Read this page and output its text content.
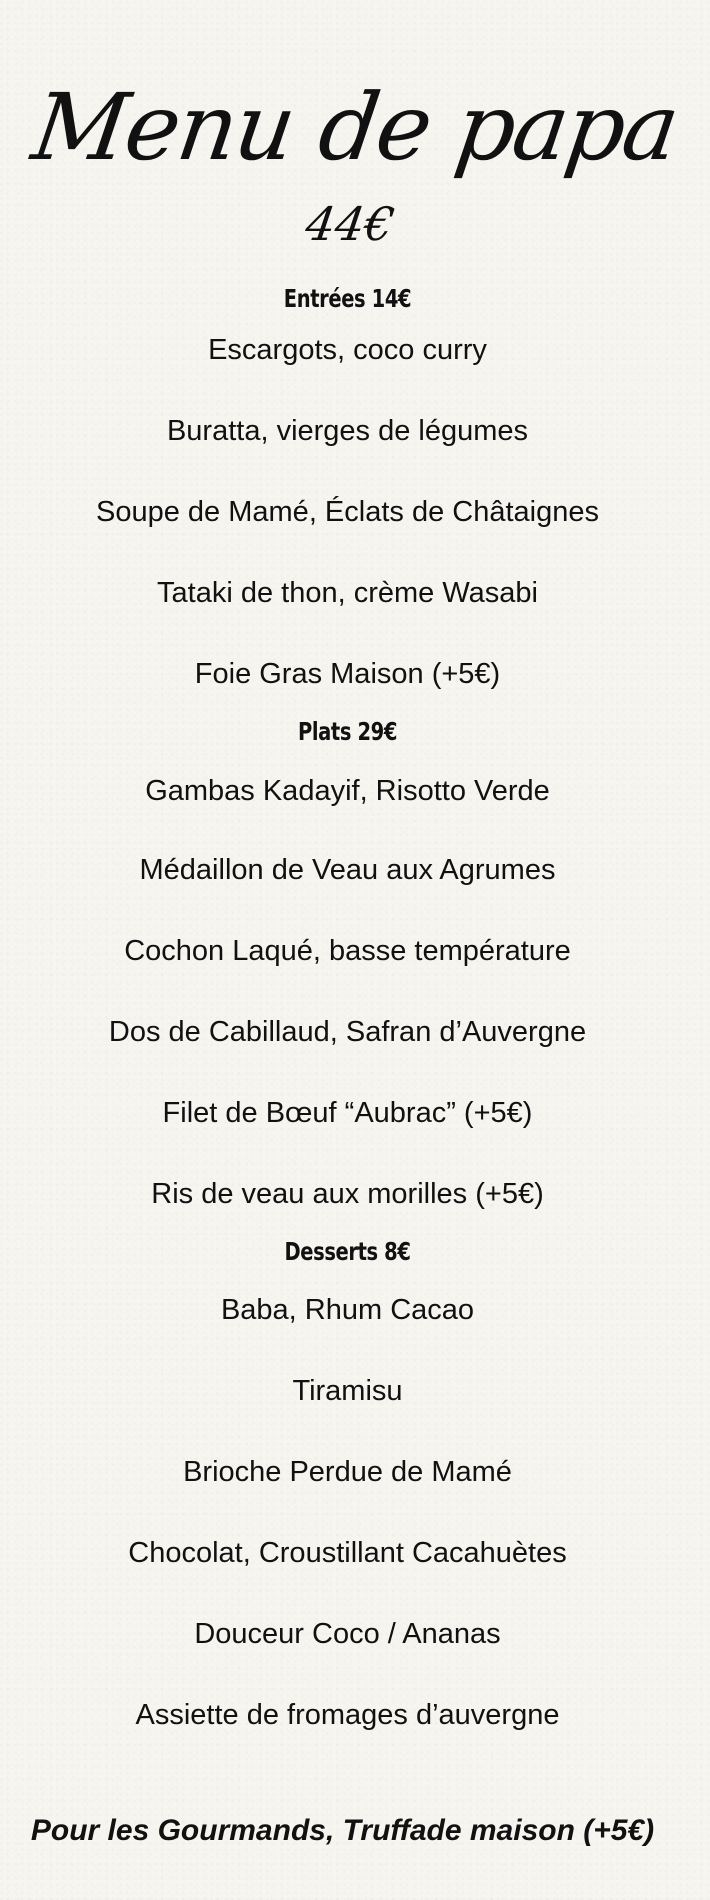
Menu de papa
44€
Entrées 14€
Escargots, coco curry
Buratta, vierges de légumes
Soupe de Mamé, Éclats de Châtaignes
Tataki de thon, crème Wasabi
Foie Gras Maison (+5€)
Plats 29€
Gambas Kadayif, Risotto Verde
Médaillon de Veau aux Agrumes
Cochon Laqué, basse température
Dos de Cabillaud, Safran d’Auvergne
Filet de Bœuf “Aubrac” (+5€)
Ris de veau aux morilles (+5€)
Desserts 8€
Baba, Rhum Cacao
Tiramisu
Brioche Perdue de Mamé
Chocolat, Croustillant Cacahuètes
Douceur Coco / Ananas
Assiette de fromages d’auvergne
Pour les Gourmands, Truffade maison (+5€)
